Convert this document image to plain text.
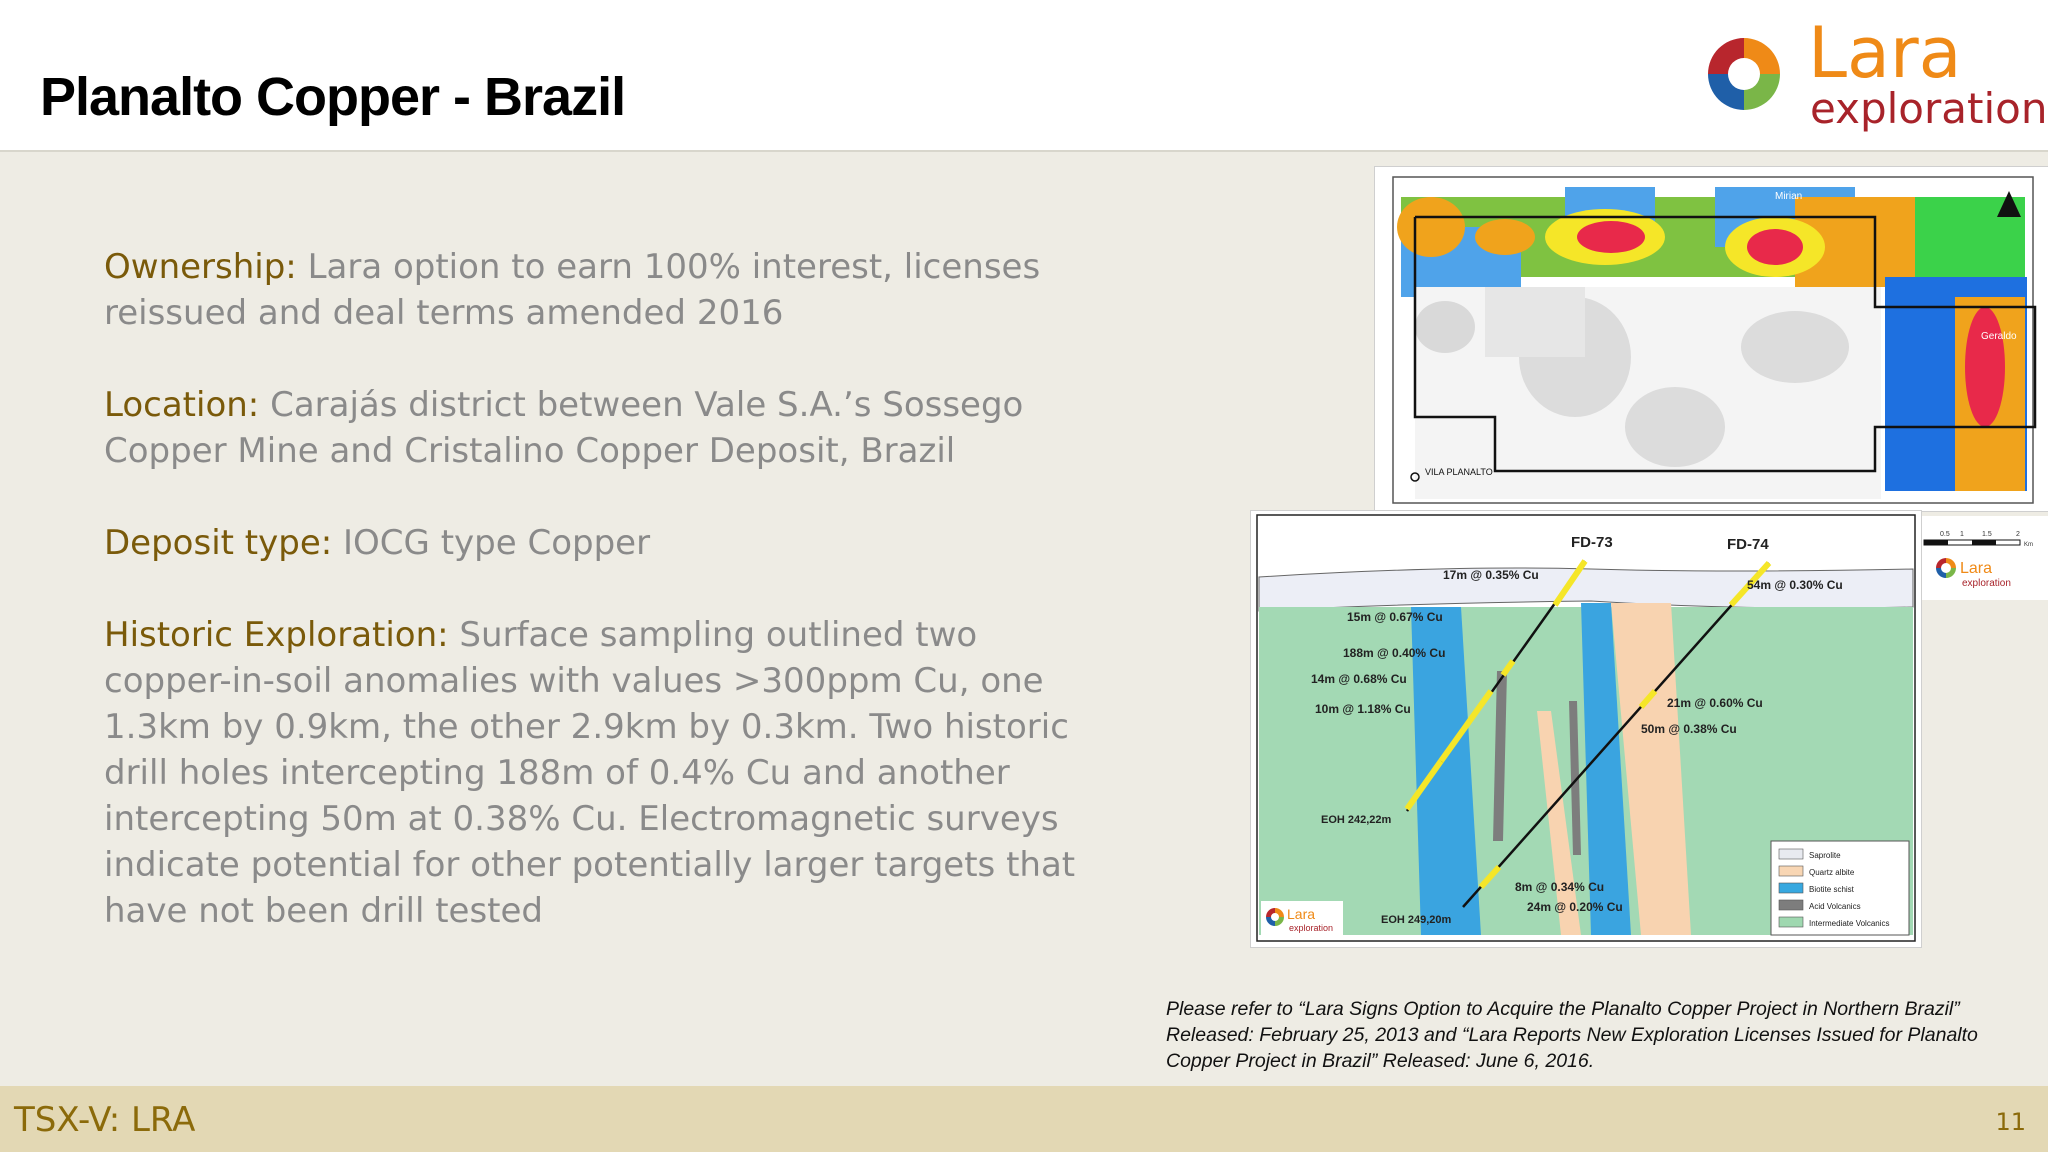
Planalto Copper - Brazil
Lara
exploration

Ownership: Lara option to earn 100% interest, licenses reissued and deal terms amended 2016

Location: Carajás district between Vale S.A.’s Sossego Copper Mine and Cristalino Copper Deposit, Brazil

Deposit type: IOCG type Copper

Historic Exploration: Surface sampling outlined two copper-in-soil anomalies with values >300ppm Cu, one 1.3km by 0.9km, the other 2.9km by 0.3km. Two historic drill holes intercepting 188m of 0.4% Cu and another intercepting 50m at 0.38% Cu. Electromagnetic surveys indicate potential for other potentially larger targets that have not been drill tested

Mirian
Geraldo
VILA PLANALTO
0.5 1	1.5	2
Km
Lara
exploration
FD-73	FD-74
17m @ 0.35% Cu
54m @ 0.30% Cu
15m @ 0.67% Cu
188m @ 0.40% Cu
14m @ 0.68% Cu
10m @ 1.18% Cu	21m @ 0.60% Cu
50m @ 0.38% Cu
8m @ 0.34% Cu
24m @ 0.20% Cu
EOH 242,22m
EOH 249,20m
Saprolite
Quartz albite
Biotite schist
Acid Volcanics
Intermediate Volcanics
Lara
exploration
Please refer to “Lara Signs Option to Acquire the Planalto Copper Project in Northern Brazil” Released: February 25, 2013 and “Lara Reports New Exploration Licenses Issued for Planalto Copper Project in Brazil” Released: June 6, 2016.
TSX-V: LRA	11
